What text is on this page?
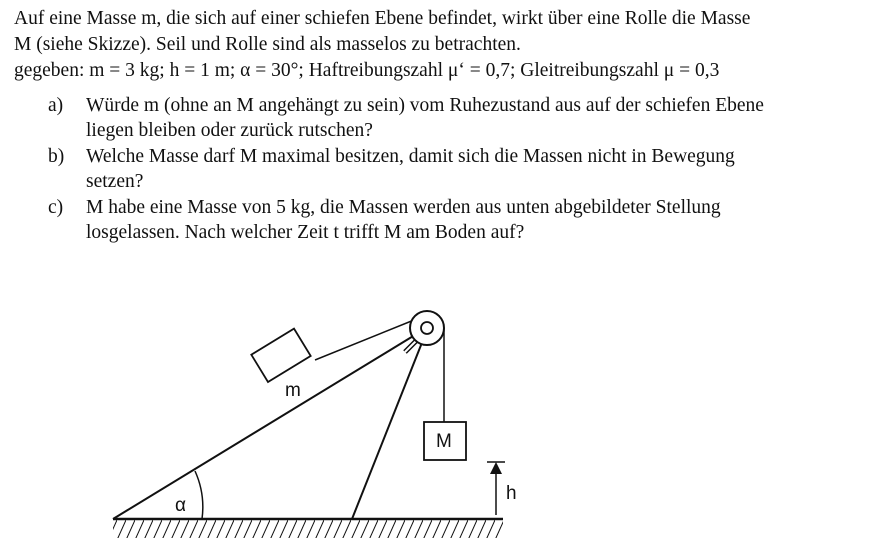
Auf eine Masse m, die sich auf einer schiefen Ebene befindet, wirkt über eine Rolle die Masse

M (siehe Skizze). Seil und Rolle sind als masselos zu betrachten.

gegeben: m = 3 kg; h = 1 m; α = 30°; Haftreibungszahl μ‘ = 0,7; Gleitreibungszahl μ = 0,3

a)	Würde m (ohne an M angehängt zu sein) vom Ruhezustand aus auf der schiefen Ebene
liegen bleiben oder zurück rutschen?
b)	Welche Masse darf M maximal besitzen, damit sich die Massen nicht in Bewegung
setzen?
c)	M habe eine Masse von 5 kg, die Massen werden aus unten abgebildeter Stellung
losgelassen. Nach welcher Zeit t trifft M am Boden auf?
α
m
M
h
